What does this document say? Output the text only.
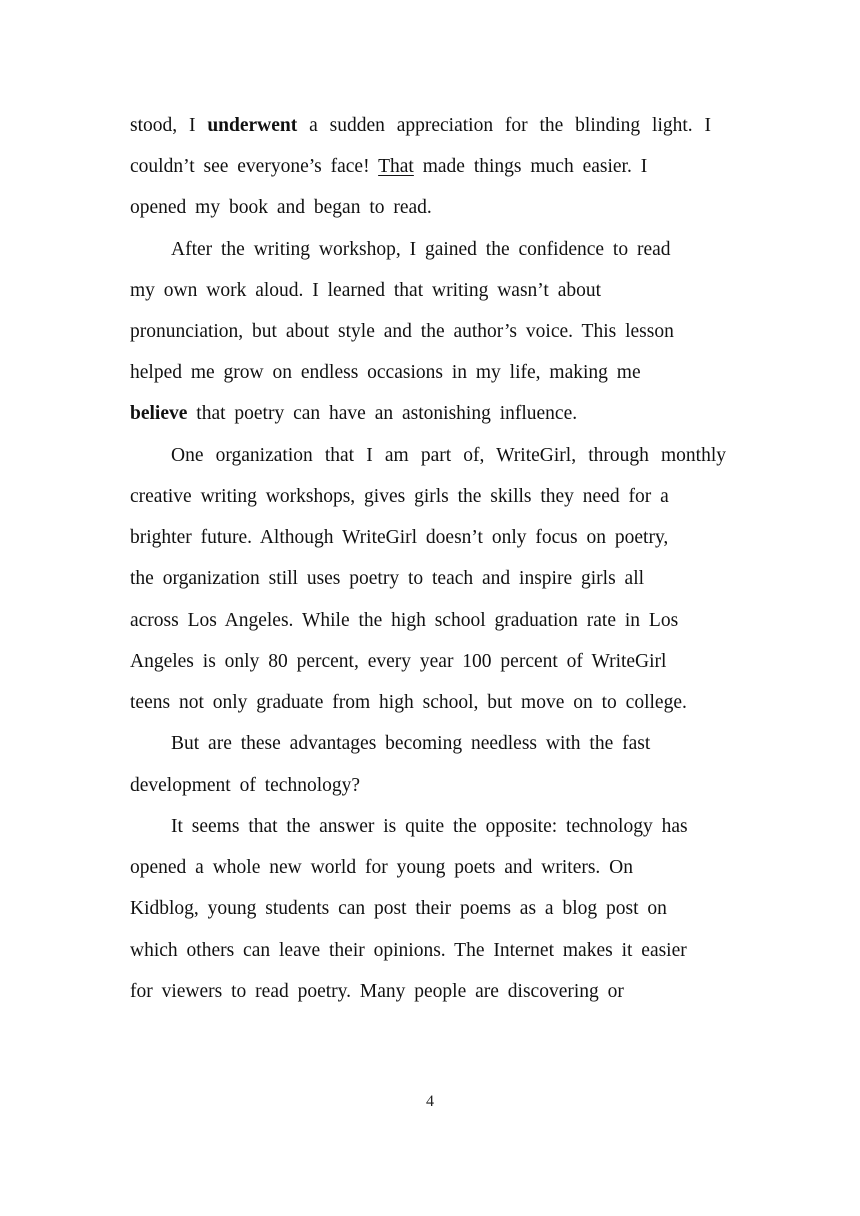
stood, I underwent a sudden appreciation for the blinding light. I
couldn’t see everyone’s face! That made things much easier. I
opened my book and began to read.
After the writing workshop, I gained the confidence to read
my own work aloud. I learned that writing wasn’t about
pronunciation, but about style and the author’s voice. This lesson
helped me grow on endless occasions in my life, making me
believe that poetry can have an astonishing influence.
One organization that I am part of, WriteGirl, through monthly
creative writing workshops, gives girls the skills they need for a
brighter future. Although WriteGirl doesn’t only focus on poetry,
the organization still uses poetry to teach and inspire girls all
across Los Angeles. While the high school graduation rate in Los
Angeles is only 80 percent, every year 100 percent of WriteGirl
teens not only graduate from high school, but move on to college.
But are these advantages becoming needless with the fast
development of technology?
It seems that the answer is quite the opposite: technology has
opened a whole new world for young poets and writers. On
Kidblog, young students can post their poems as a blog post on
which others can leave their opinions. The Internet makes it easier
for viewers to read poetry. Many people are discovering or
4
